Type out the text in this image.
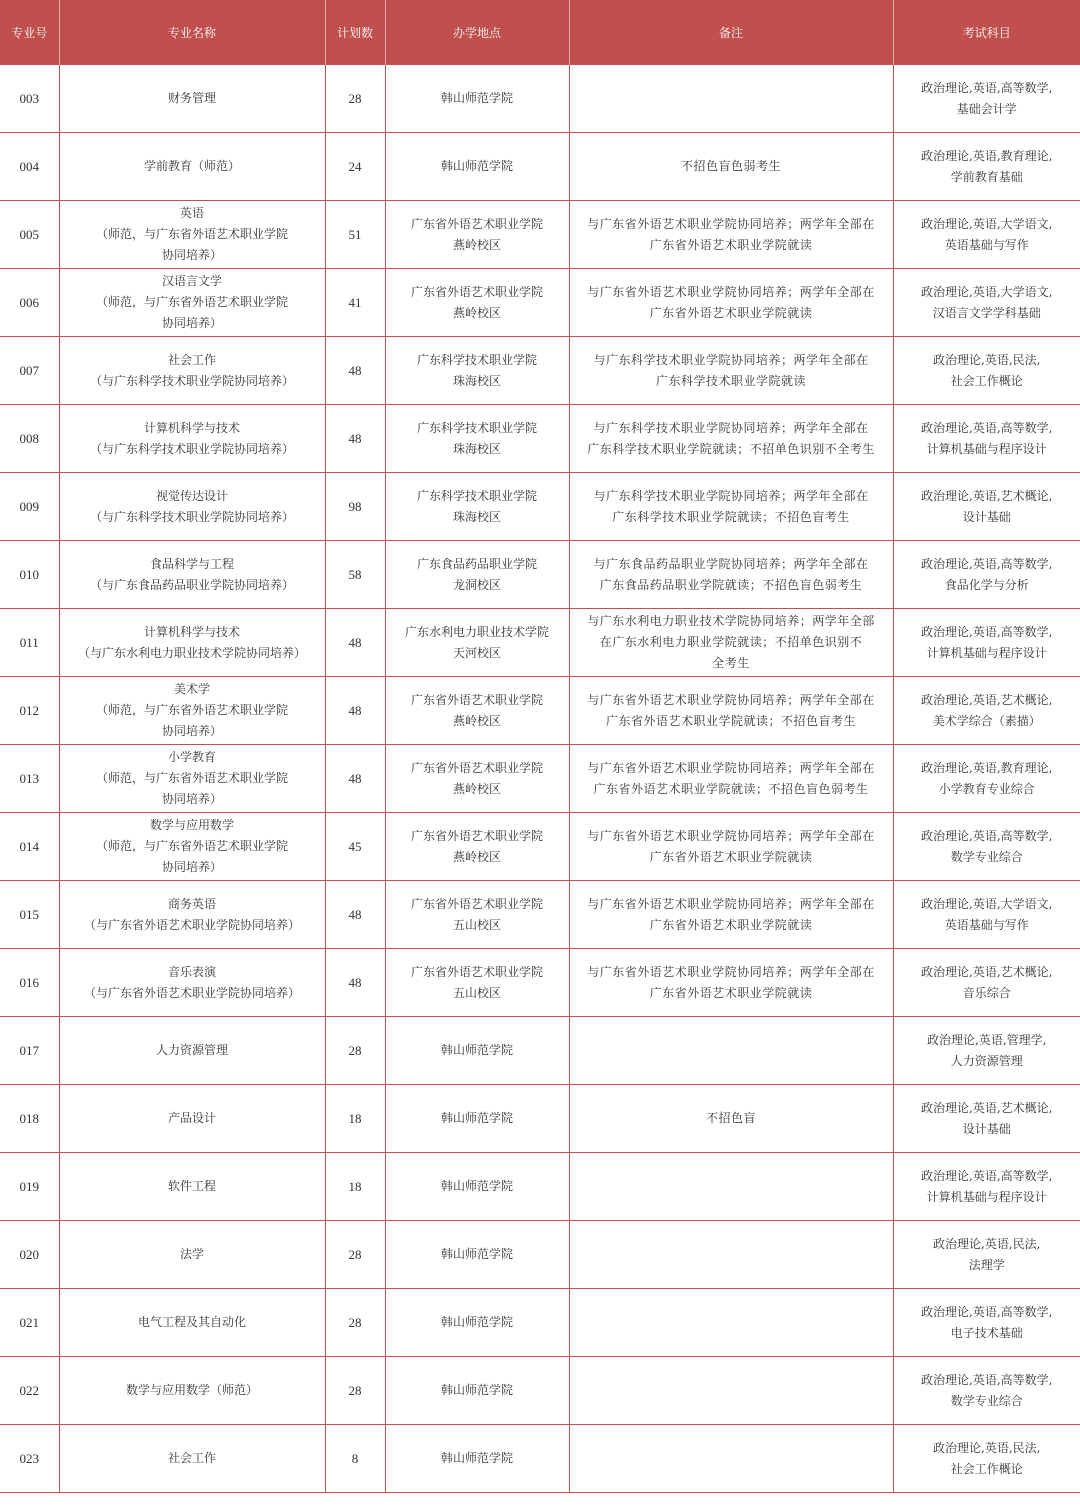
专业号	专业名称	计划数	办学地点	备注	考试科目
003	财务管理	28	韩山师范学院		政治理论,英语,高等数学,
基础会计学
004	学前教育（师范）	24	韩山师范学院	不招色盲色弱考生	政治理论,英语,教育理论,
学前教育基础
005	英语
（师范，与广东省外语艺术职业学院
协同培养）	51	广东省外语艺术职业学院
燕岭校区	与广东省外语艺术职业学院协同培养；两学年全部在
广东省外语艺术职业学院就读	政治理论,英语,大学语文,
英语基础与写作
006	汉语言文学
（师范，与广东省外语艺术职业学院
协同培养）	41	广东省外语艺术职业学院
燕岭校区	与广东省外语艺术职业学院协同培养；两学年全部在
广东省外语艺术职业学院就读	政治理论,英语,大学语文,
汉语言文学学科基础
007	社会工作
（与广东科学技术职业学院协同培养）	48	广东科学技术职业学院
珠海校区	与广东科学技术职业学院协同培养；两学年全部在
广东科学技术职业学院就读	政治理论,英语,民法,
社会工作概论
008	计算机科学与技术
（与广东科学技术职业学院协同培养）	48	广东科学技术职业学院
珠海校区	与广东科学技术职业学院协同培养；两学年全部在
广东科学技术职业学院就读；不招单色识别不全考生	政治理论,英语,高等数学,
计算机基础与程序设计
009	视觉传达设计
（与广东科学技术职业学院协同培养）	98	广东科学技术职业学院
珠海校区	与广东科学技术职业学院协同培养；两学年全部在
广东科学技术职业学院就读；不招色盲考生	政治理论,英语,艺术概论,
设计基础
010	食品科学与工程
（与广东食品药品职业学院协同培养）	58	广东食品药品职业学院
龙洞校区	与广东食品药品职业学院协同培养；两学年全部在
广东食品药品职业学院就读；不招色盲色弱考生	政治理论,英语,高等数学,
食品化学与分析
011	计算机科学与技术
（与广东水利电力职业技术学院协同培养）	48	广东水利电力职业技术学院
天河校区	与广东水利电力职业技术学院协同培养；两学年全部
在广东水利电力职业学院就读；不招单色识别不
全考生	政治理论,英语,高等数学,
计算机基础与程序设计
012	美术学
（师范，与广东省外语艺术职业学院
协同培养）	48	广东省外语艺术职业学院
燕岭校区	与广东省外语艺术职业学院协同培养；两学年全部在
广东省外语艺术职业学院就读；不招色盲考生	政治理论,英语,艺术概论,
美术学综合（素描）
013	小学教育
（师范，与广东省外语艺术职业学院
协同培养）	48	广东省外语艺术职业学院
燕岭校区	与广东省外语艺术职业学院协同培养；两学年全部在
广东省外语艺术职业学院就读；不招色盲色弱考生	政治理论,英语,教育理论,
小学教育专业综合
014	数学与应用数学
（师范，与广东省外语艺术职业学院
协同培养）	45	广东省外语艺术职业学院
燕岭校区	与广东省外语艺术职业学院协同培养；两学年全部在
广东省外语艺术职业学院就读	政治理论,英语,高等数学,
数学专业综合
015	商务英语
（与广东省外语艺术职业学院协同培养）	48	广东省外语艺术职业学院
五山校区	与广东省外语艺术职业学院协同培养；两学年全部在
广东省外语艺术职业学院就读	政治理论,英语,大学语文,
英语基础与写作
016	音乐表演
（与广东省外语艺术职业学院协同培养）	48	广东省外语艺术职业学院
五山校区	与广东省外语艺术职业学院协同培养；两学年全部在
广东省外语艺术职业学院就读	政治理论,英语,艺术概论,
音乐综合
017	人力资源管理	28	韩山师范学院		政治理论,英语,管理学,
人力资源管理
018	产品设计	18	韩山师范学院	不招色盲	政治理论,英语,艺术概论,
设计基础
019	软件工程	18	韩山师范学院		政治理论,英语,高等数学,
计算机基础与程序设计
020	法学	28	韩山师范学院		政治理论,英语,民法,
法理学
021	电气工程及其自动化	28	韩山师范学院		政治理论,英语,高等数学,
电子技术基础
022	数学与应用数学（师范）	28	韩山师范学院		政治理论,英语,高等数学,
数学专业综合
023	社会工作	8	韩山师范学院		政治理论,英语,民法,
社会工作概论
